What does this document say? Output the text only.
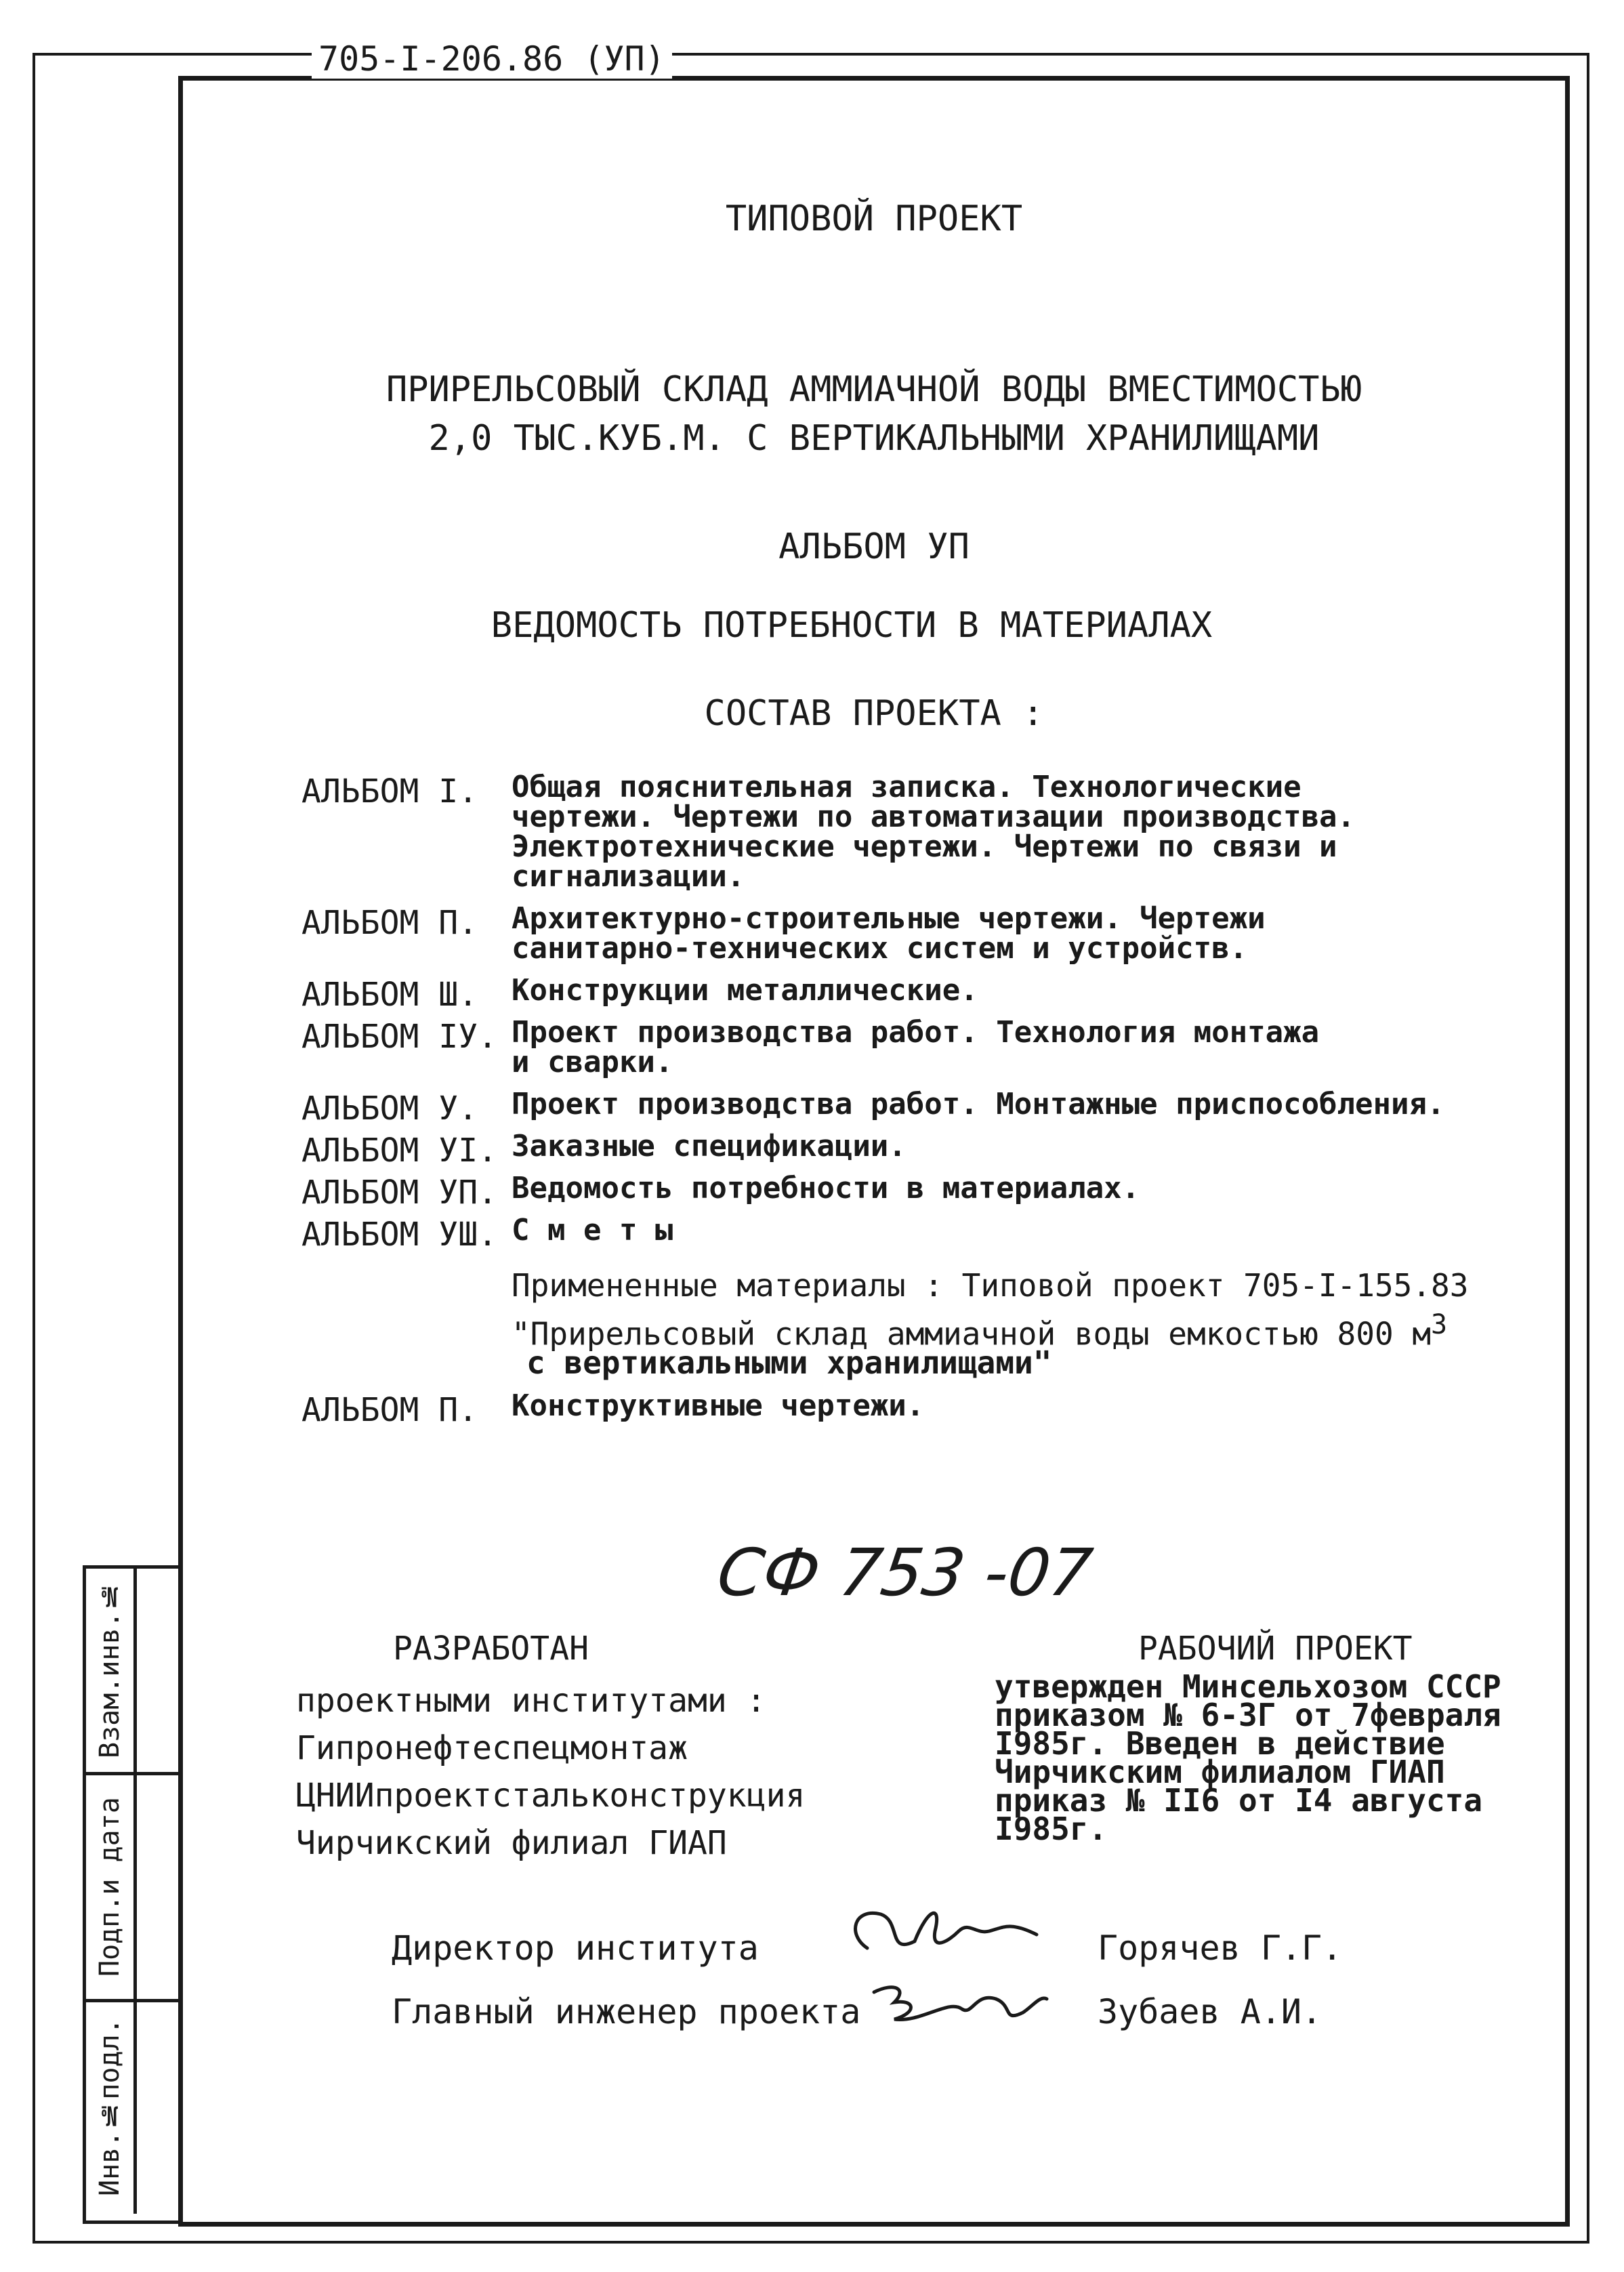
705-I-206.86 (УП)
Взам.инв.№
Подп.и дата
Инв.№подл.
ТИПОВОЙ ПРОЕКТ
ПРИРЕЛЬСОВЫЙ СКЛАД АММИАЧНОЙ ВОДЫ ВМЕСТИМОСТЬЮ
2,0 ТЫС.КУБ.М. С ВЕРТИКАЛЬНЫМИ ХРАНИЛИЩАМИ
АЛЬБОМ УП
ВЕДОМОСТЬ ПОТРЕБНОСТИ В МАТЕРИАЛАХ
СОСТАВ ПРОЕКТА :
АЛЬБОМ I. Общая пояснительная записка. Технологические
чертежи. Чертежи по автоматизации производства.
Электротехнические чертежи. Чертежи по связи и
сигнализации.
АЛЬБОМ П. Архитектурно-строительные чертежи. Чертежи
санитарно-технических систем и устройств.
АЛЬБОМ Ш. Конструкции металлические.
АЛЬБОМ IУ. Проект производства работ. Технология монтажа
и сварки.
АЛЬБОМ У. Проект производства работ. Монтажные приспособления.
АЛЬБОМ УI. Заказные спецификации.
АЛЬБОМ УП. Ведомость потребности в материалах.
АЛЬБОМ УШ. С м е т ы
Примененные материалы : Типовой проект 705-I-155.83
"Прирельсовый склад аммиачной воды емкостью 800 $м^3$
с вертикальными хранилищами"
АЛЬБОМ П. Конструктивные чертежи.
СФ 753 -07
РАЗРАБОТАН
проектными институтами :
Гипронефтеспецмонтаж
ЦНИИпроектстальконструкция
Чирчикский филиал ГИАП
РАБОЧИЙ ПРОЕКТ
утвержден Минсельхозом СССР
приказом № 6-ЗГ от 7февраля
I985г. Введен в действие
Чирчикским филиалом ГИАП
приказ № II6 от I4 августа
I985г.
Директор института	Горячев Г.Г.
Главный инженер проекта	Зубаев А.И.
